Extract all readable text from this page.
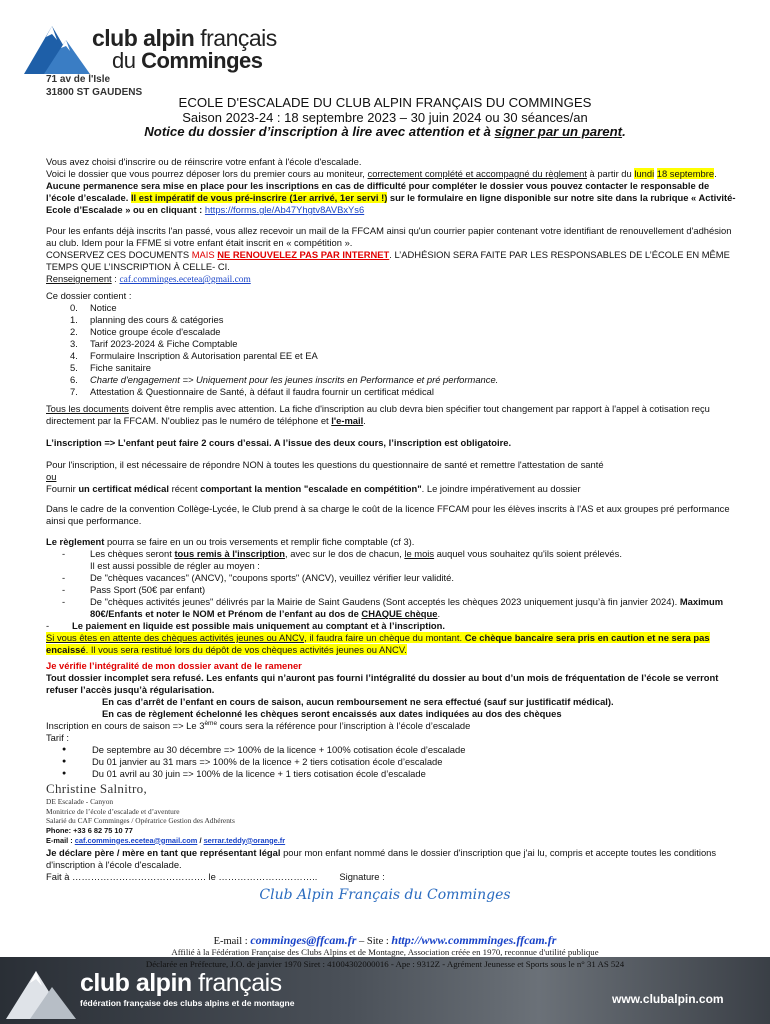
club alpin français
du Comminges
71 av de l'Isle
31800 ST GAUDENS
ECOLE D'ESCALADE DU CLUB ALPIN FRANÇAIS DU COMMINGES
Saison 2023-24 : 18 septembre 2023 – 30 juin 2024 ou 30 séances/an
Notice du dossier d’inscription à lire avec attention et à signer par un parent.
Vous avez choisi d'inscrire ou de réinscrire votre enfant à l'école d'escalade.
Voici le dossier que vous pourrez déposer lors du premier cours au moniteur, correctement complété et accompagné du règlement à partir du lundi 18 septembre. Aucune permanence sera mise en place pour les inscriptions en cas de difficulté pour compléter le dossier vous pouvez contacter le responsable de l’école d’escalade. Il est impératif de vous pré-inscrire (1er arrivé, 1er servi !) sur le formulaire en ligne disponible sur notre site dans la rubrique « Activité-Ecole d’Escalade » ou en cliquant : https://forms.gle/Ab47Yhgtv8AVBxYs6
Pour les enfants déjà inscrits l'an passé, vous allez recevoir un mail de la FFCAM ainsi qu'un courrier papier contenant votre identifiant de renouvellement d'adhésion au club. Idem pour la FFME si votre enfant était inscrit en « compétition ».
CONSERVEZ CES DOCUMENTS MAIS NE RENOUVELEZ PAS PAR INTERNET. L’ADHÉSION SERA FAITE PAR LES RESPONSABLES DE L’ÉCOLE EN MÊME TEMPS QUE L’INSCRIPTION À CELLE- CI.
Renseignement : caf.comminges.ecetea@gmail.com
Ce dossier contient :
0. Notice
1. planning des cours & catégories
2. Notice groupe école d'escalade
3. Tarif 2023-2024 & Fiche Comptable
4. Formulaire Inscription & Autorisation parental EE et EA
5. Fiche sanitaire
6. Charte d'engagement => Uniquement pour les jeunes inscrits en Performance et pré performance.
7. Attestation & Questionnaire de Santé, à défaut il faudra fournir un certificat médical
Tous les documents doivent être remplis avec attention. La fiche d'inscription au club devra bien spécifier tout changement par rapport à l'appel à cotisation reçu directement par la FFCAM. N'oubliez pas le numéro de téléphone et l'e-mail.
L’inscription => L’enfant peut faire 2 cours d’essai. A l’issue des deux cours, l’inscription est obligatoire.
Pour l'inscription, il est nécessaire de répondre NON à toutes les questions du questionnaire de santé et remettre l'attestation de santé
ou
Fournir un certificat médical récent comportant la mention "escalade en compétition". Le joindre impérativement au dossier
Dans le cadre de la convention Collège-Lycée, le Club prend à sa charge le coût de la licence FFCAM pour les élèves inscrits à l'AS et aux groupes pré performance ainsi que performance.
Le règlement pourra se faire en un ou trois versements et remplir fiche comptable (cf 3).
-	Les chèques seront tous remis à l'inscription, avec sur le dos de chacun, le mois auquel vous souhaitez qu'ils soient prélevés.
Il est aussi possible de régler au moyen :
-	De "chèques vacances" (ANCV), "coupons sports" (ANCV), veuillez vérifier leur validité.
-	Pass Sport (50€ par enfant)
-	De "chèques activités jeunes" délivrés par la Mairie de Saint Gaudens (Sont acceptés les chèques 2023 uniquement jusqu’à fin janvier 2024). Maximum 80€/Enfants et noter le NOM et Prénom de l’enfant au dos de CHAQUE chèque.
-	Le paiement en liquide est possible mais uniquement au comptant et à l’inscription.
Si vous êtes en attente des chèques activités jeunes ou ANCV, il faudra faire un chèque du montant. Ce chèque bancaire sera pris en caution et ne sera pas encaissé. Il vous sera restitué lors du dépôt de vos chèques activités jeunes ou ANCV.
Je vérifie l’intégralité de mon dossier avant de le ramener
Tout dossier incomplet sera refusé. Les enfants qui n’auront pas fourni l’intégralité du dossier au bout d’un mois de fréquentation de l’école se verront refuser l’accès jusqu’à régularisation.
En cas d’arrêt de l’enfant en cours de saison, aucun remboursement ne sera effectué (sauf sur justificatif médical).
En cas de règlement échelonné les chèques seront encaissés aux dates indiquées au dos des chèques
Inscription en cours de saison => Le 3ème cours sera la référence pour l’inscription à l’école d’escalade
Tarif :
●	De septembre au 30 décembre => 100% de la licence + 100% cotisation école d’escalade
●	Du 01 janvier au 31 mars => 100% de la licence + 2 tiers cotisation école d’escalade
●	Du 01 avril au 30 juin => 100% de la licence + 1 tiers cotisation école d’escalade
Christine Salnitro,
DE Escalade - Canyon
Monitrice de l’école d’escalade et d’aventure
Salarié du CAF Comminges / Opératrice Gestion des Adhérents
Phone: +33 6 82 75 10 77
E-mail : caf.comminges.ecetea@gmail.com / serrar.teddy@orange.fr
Je déclare père / mère en tant que représentant légal pour mon enfant nommé dans le dossier d'inscription que j'ai lu, compris et accepte toutes les conditions d'inscription à l'école d'escalade.
Fait à ……………………………………. le ………………………….. Signature :
Club Alpin Français du Comminges
E-mail : comminges@ffcam.fr – Site : http://www.commminges.ffcam.fr
Affilié à la Fédération Française des Clubs Alpins et de Montagne, Association créée en 1970, reconnue d'utilité publique
club alpin français
fédération française des clubs alpins et de montagne	www.clubalpin.com
Déclarée en Préfecture, J.O. de janvier 1970 Siret : 41004302000016 - Ape : 9312Z - Agrément Jeunesse et Sports sous le n° 31 AS 524
